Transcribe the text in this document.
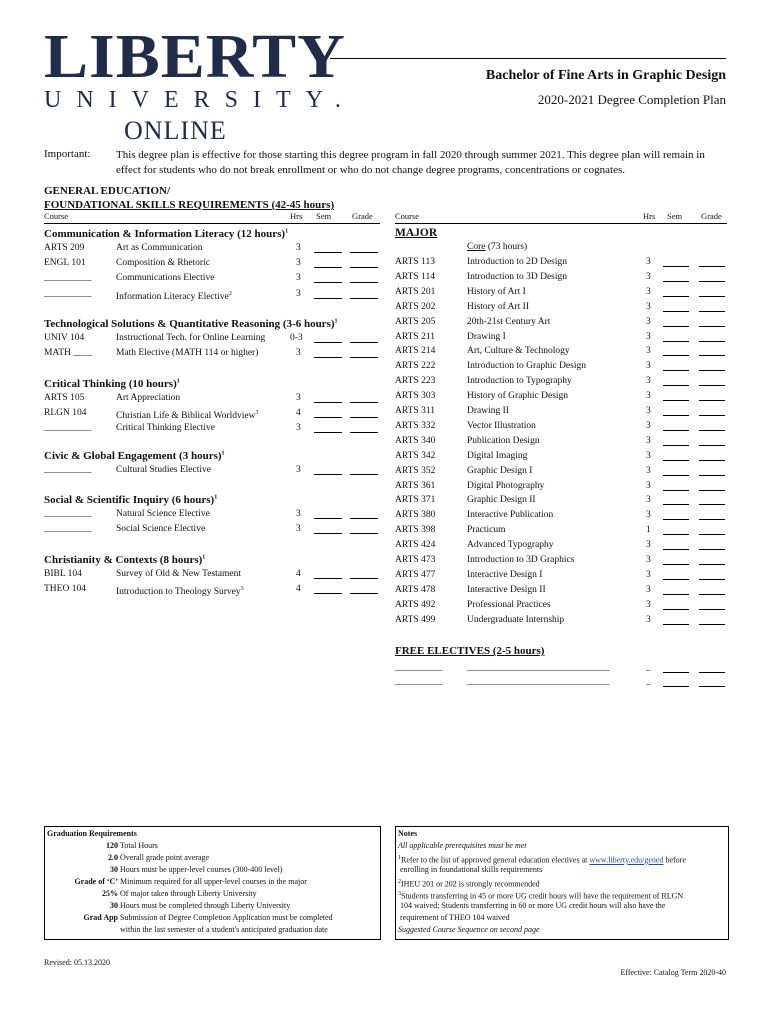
LIBERTY
UNIVERSITY.
ONLINE
Bachelor of Fine Arts in Graphic Design
2020-2021 Degree Completion Plan
Important: This degree plan is effective for those starting this degree program in fall 2020 through summer 2021. This degree plan will remain in effect for students who do not break enrollment or who do not change degree programs, concentrations or cognates.
GENERAL EDUCATION/
FOUNDATIONAL SKILLS REQUIREMENTS (42-45 hours)
Course	Hrs Sem Grade	Course	Hrs Sem Grade
Communication & Information Literacy (12 hours)$^1$
ARTS 209	Art as Communication	3
ENGL 101	Composition & Rhetoric	3
__________	Communications Elective	3
__________	Information Literacy Elective$^2$	3
Technological Solutions & Quantitative Reasoning (3-6 hours)$^1$
UNIV 104	Instructional Tech. for Online Learning	0-3
MATH ____ Math Elective (MATH 114 or higher)	3
Critical Thinking (10 hours)$^1$
ARTS 105	Art Appreciation	3
RLGN 104	Christian Life & Biblical Worldview$^3$	4
__________	Critical Thinking Elective	3
Civic & Global Engagement (3 hours)$^1$
__________	Cultural Studies Elective	3
Social & Scientific Inquiry (6 hours)$^1$
__________	Natural Science Elective	3
__________	Social Science Elective	3
Christianity & Contexts (8 hours)$^1$
BIBL 104	Survey of Old & New Testament	4
THEO 104	Introduction to Theology Survey$^3$	4
MAJOR
Core (73 hours)
ARTS 113	Introduction to 2D Design	3
ARTS 114	Introduction to 3D Design	3
ARTS 201	History of Art I	3
ARTS 202	History of Art II	3
ARTS 205	20th-21st Century Art	3
ARTS 211	Drawing I	3
ARTS 214	Art, Culture & Technology	3
ARTS 222	Introduction to Graphic Design	3
ARTS 223	Introduction to Typography	3
ARTS 303	History of Graphic Design	3
ARTS 311	Drawing II	3
ARTS 332	Vector Illustration	3
ARTS 340	Publication Design	3
ARTS 342	Digital Imaging	3
ARTS 352	Graphic Design I	3
ARTS 361	Digital Photography	3
ARTS 371	Graphic Design II	3
ARTS 380	Interactive Publication	3
ARTS 398	Practicum	1
ARTS 424	Advanced Typography	3
ARTS 473	Introduction to 3D Graphics	3
ARTS 477	Interactive Design I	3
ARTS 478	Interactive Design II	3
ARTS 492	Professional Practices	3
ARTS 499	Undergraduate Internship	3
FREE ELECTIVES (2-5 hours)
__________	______________________________	_
__________	______________________________	_
Graduation Requirements
120 Total Hours
2.0 Overall grade point average
30 Hours must be upper-level courses (300-400 level)
Grade of ‘C’ Minimum required for all upper-level courses in the major
25% Of major taken through Liberty University
30 Hours must be completed through Liberty University
Grad App Submission of Degree Completion Application must be completed
within the last semester of a student's anticipated graduation date
Notes
All applicable prerequisites must be met
$^1$Refer to the list of approved general education electives at www.liberty.edu/gened before
enrolling in foundational skills requirements
$^2$IHEU 201 or 202 is strongly recommended
$^3$Students transferring in 45 or more UG credit hours will have the requirement of RLGN
104 waived; Students transferring in 60 or more UG credit hours will also have the
requirement of THEO 104 waived
Suggested Course Sequence on second page
Revised: 05.13.2020
Effective: Catalog Term 2020-40
